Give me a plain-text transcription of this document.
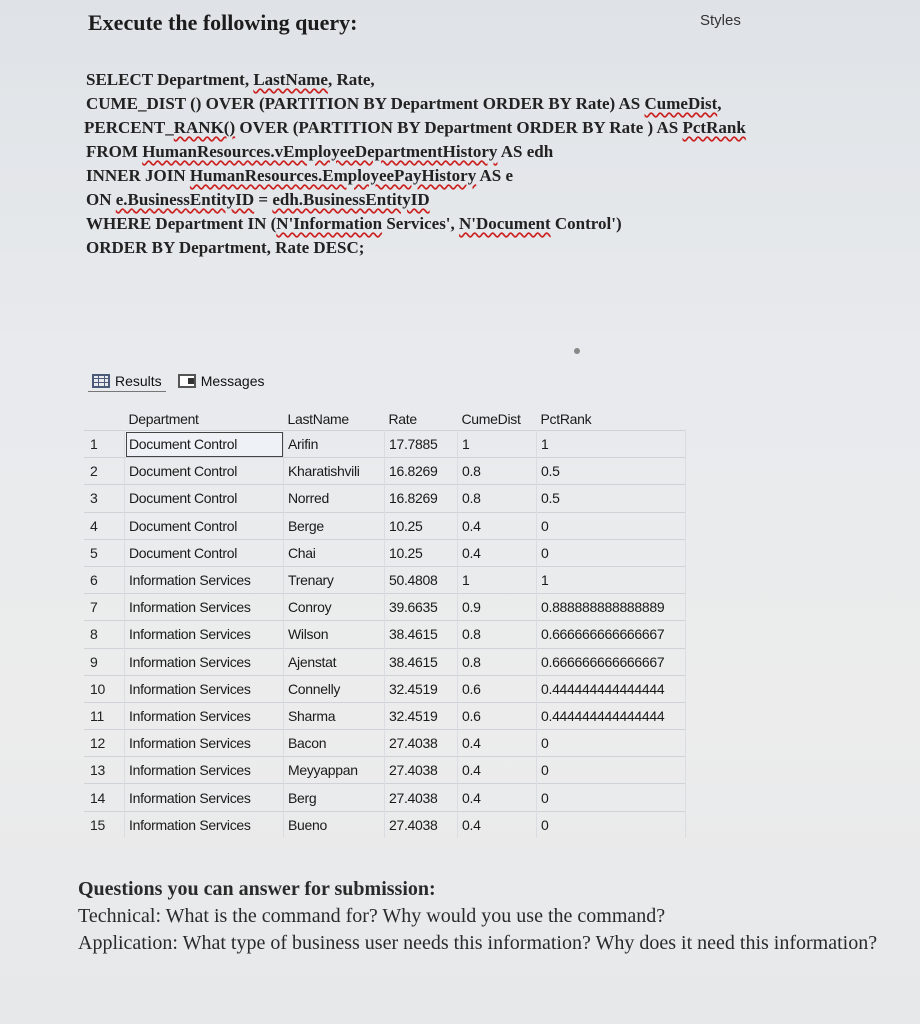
Styles
Execute the following query:
SELECT Department, LastName, Rate,
CUME_DIST () OVER (PARTITION BY Department ORDER BY Rate) AS CumeDist,
PERCENT_RANK() OVER (PARTITION BY Department ORDER BY Rate ) AS PctRank
FROM HumanResources.vEmployeeDepartmentHistory AS edh
INNER JOIN HumanResources.EmployeePayHistory AS e
ON e.BusinessEntityID = edh.BusinessEntityID
WHERE Department IN (N'Information Services', N'Document Control')
ORDER BY Department, Rate DESC;
Results	Messages
	Department	LastName	Rate	CumeDist	PctRank
1	Document Control	Arifin	17.7885	1	1
2	Document Control	Kharatishvili	16.8269	0.8	0.5
3	Document Control	Norred	16.8269	0.8	0.5
4	Document Control	Berge	10.25	0.4	0
5	Document Control	Chai	10.25	0.4	0
6	Information Services	Trenary	50.4808	1	1
7	Information Services	Conroy	39.6635	0.9	0.888888888888889
8	Information Services	Wilson	38.4615	0.8	0.666666666666667
9	Information Services	Ajenstat	38.4615	0.8	0.666666666666667
10	Information Services	Connelly	32.4519	0.6	0.444444444444444
11	Information Services	Sharma	32.4519	0.6	0.444444444444444
12	Information Services	Bacon	27.4038	0.4	0
13	Information Services	Meyyappan	27.4038	0.4	0
14	Information Services	Berg	27.4038	0.4	0
15	Information Services	Bueno	27.4038	0.4	0
Questions you can answer for submission:
Technical: What is the command for? Why would you use the command?
Application: What type of business user needs this information? Why does it need this information?
